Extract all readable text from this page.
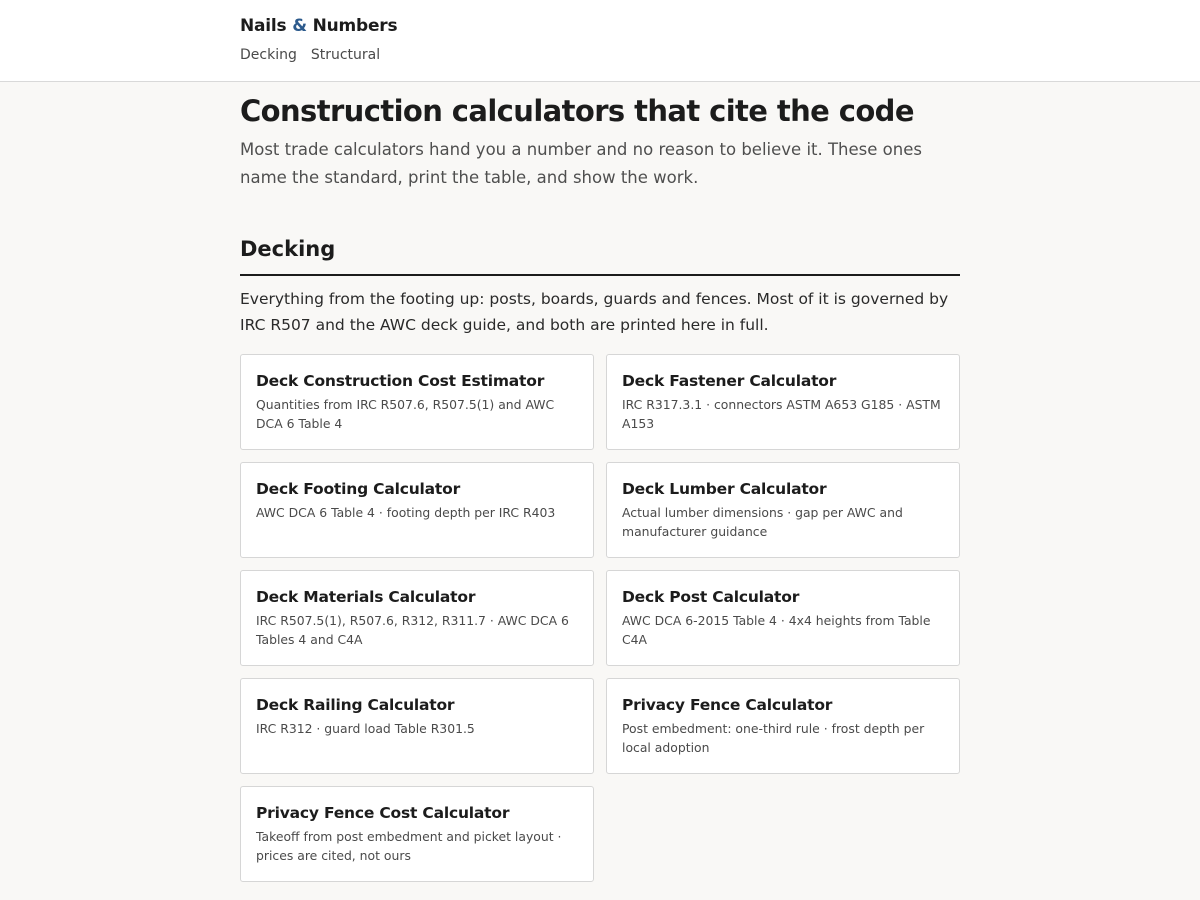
Nails & Numbers
Decking Structural
Construction calculators that cite the code

Most trade calculators hand you a number and no reason to believe it. These ones name the standard, print the table, and show the work.

Decking

Everything from the footing up: posts, boards, guards and fences. Most of it is governed by IRC R507 and the AWC deck guide, and both are printed here in full.

Deck Construction Cost Estimator
Quantities from IRC R507.6, R507.5(1) and AWC DCA 6 Table 4
Deck Fastener Calculator
IRC R317.3.1 · connectors ASTM A653 G185 · ASTM A153
Deck Footing Calculator
AWC DCA 6 Table 4 · footing depth per IRC R403
Deck Lumber Calculator
Actual lumber dimensions · gap per AWC and manufacturer guidance
Deck Materials Calculator
IRC R507.5(1), R507.6, R312, R311.7 · AWC DCA 6 Tables 4 and C4A
Deck Post Calculator
AWC DCA 6-2015 Table 4 · 4x4 heights from Table C4A
Deck Railing Calculator
IRC R312 · guard load Table R301.5
Privacy Fence Calculator
Post embedment: one-third rule · frost depth per local adoption
Privacy Fence Cost Calculator
Takeoff from post embedment and picket layout · prices are cited, not ours
